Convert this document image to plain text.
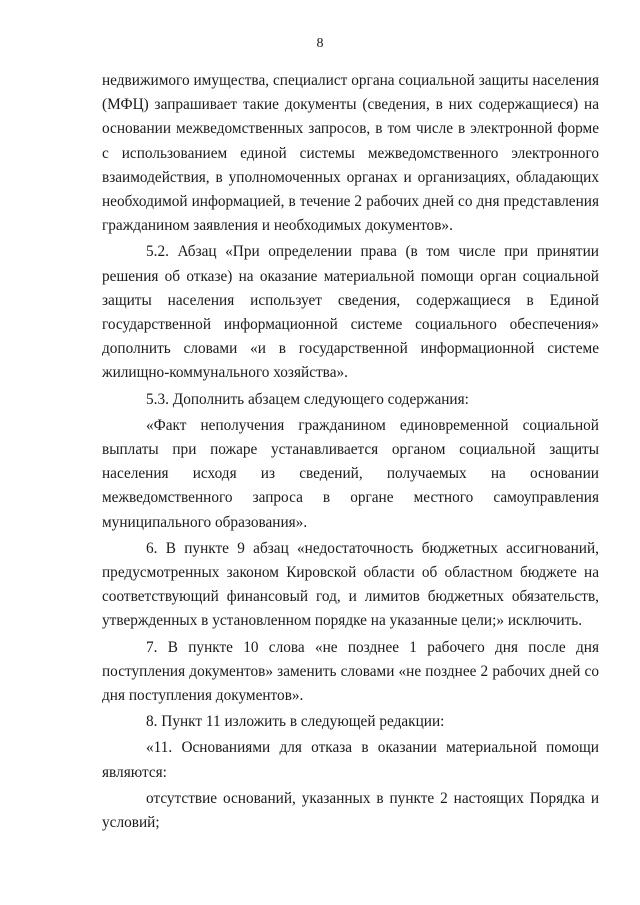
8

недвижимого имущества, специалист органа социальной защиты населения (МФЦ) запрашивает такие документы (сведения, в них содержащиеся) на основании межведомственных запросов, в том числе в электронной форме с использованием единой системы межведомственного электронного взаимодействия, в уполномоченных органах и организациях, обладающих необходимой информацией, в течение 2 рабочих дней со дня представления гражданином заявления и необходимых документов».

5.2. Абзац «При определении права (в том числе при принятии решения об отказе) на оказание материальной помощи орган социальной защиты населения использует сведения, содержащиеся в Единой государственной информационной системе социального обеспечения» дополнить словами «и в государственной информационной системе жилищно-коммунального хозяйства».

5.3. Дополнить абзацем следующего содержания:

«Факт неполучения гражданином единовременной социальной выплаты при пожаре устанавливается органом социальной защиты населения исходя из сведений, получаемых на основании межведомственного запроса в органе местного самоуправления муниципального образования».

6. В пункте 9 абзац «недостаточность бюджетных ассигнований, предусмотренных законом Кировской области об областном бюджете на соответствующий финансовый год, и лимитов бюджетных обязательств, утвержденных в установленном порядке на указанные цели;» исключить.

7. В пункте 10 слова «не позднее 1 рабочего дня после дня поступления документов» заменить словами «не позднее 2 рабочих дней со дня поступления документов».

8. Пункт 11 изложить в следующей редакции:

«11. Основаниями для отказа в оказании материальной помощи являются:

отсутствие оснований, указанных в пункте 2 настоящих Порядка и условий;
